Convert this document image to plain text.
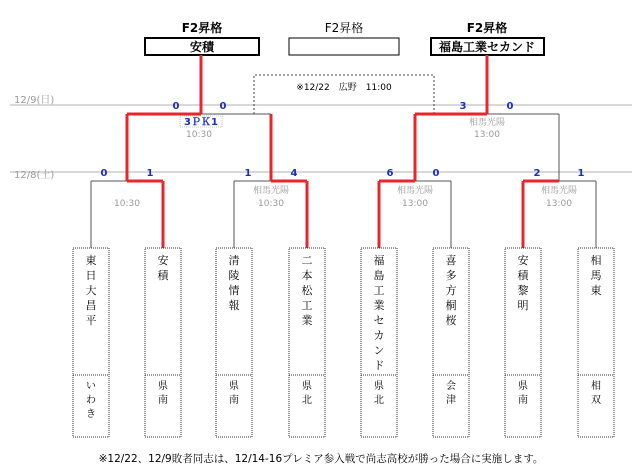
12/9(日)
12/8(土)
F2昇格
安積
F2昇格	F2昇格
福島工業セカンド
※12/22　広野　11:00
0	0
3ＰＫ1
10:30
3	0
相馬光陽
13:00
0	1
10:30
1	4
相馬光陽
10:30
6	0
相馬光陽
13:00
2	1
相馬光陽
13:00
東日大昌平
いわき
安積
県南
清陵情報
県南
二本松工業
県北
福島工業セカンド
県北
喜多方桐桜
会津
安積黎明
県南
相馬東
相双
※12/22、12/9敗者同志は、12/14-16プレミア参入戦で尚志高校が勝った場合に実施します。
